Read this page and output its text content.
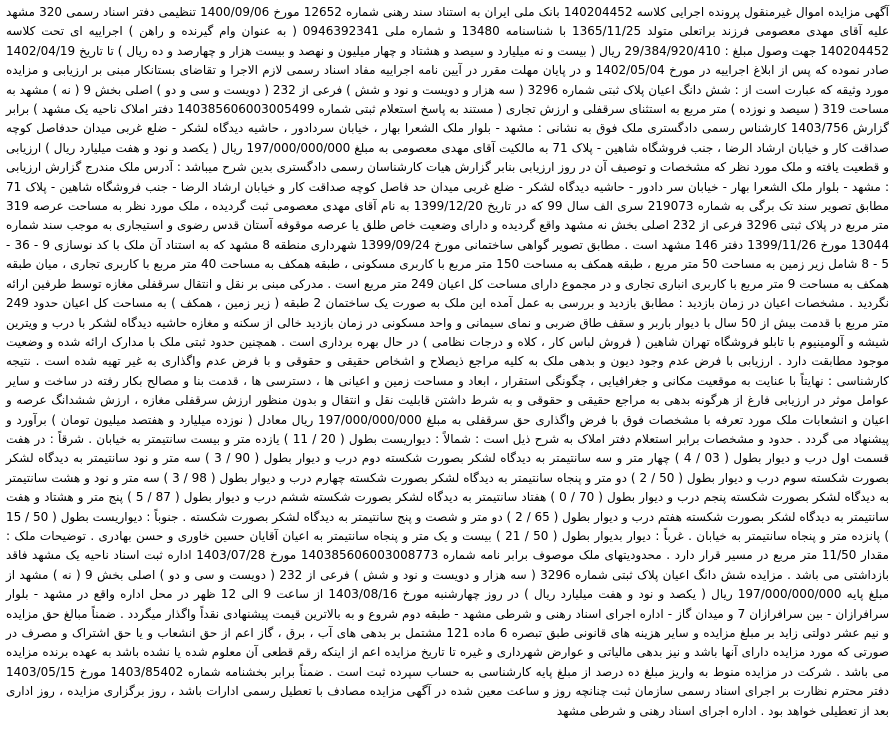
آگهی مزایده اموال غیرمنقول پرونده اجرایی کلاسه 140204452 بانک ملی ایران به استناد سند رهنی شماره 12652 مورخ 1400/09/06 تنظیمی دفتر اسناد رسمی 320 مشهد علیه آقای مهدی معصومی فرزند براتعلی متولد 1365/11/25 با شناسنامه 13480 و شماره ملی 0946392341 ( به عنوان وام گیرنده و راهن ) اجراییه ای تحت کلاسه 140204452 جهت وصول مبلغ : 29/384/920/410 ریال ( بیست و نه میلیارد و سیصد و هشتاد و چهار میلیون و نهصد و بیست هزار و چهارصد و ده ریال ) تا تاریخ 1402/04/19 صادر نموده که پس از ابلاغ اجراییه در مورخ 1402/05/04 و در پایان مهلت مقرر در آیین نامه اجراییه مفاد اسناد رسمی لازم الاجرا و تقاضای بستانکار مبنی بر ارزیابی و مزایده مورد وثیقه که عبارت است از : شش دانگ اعیان پلاک ثبتی شماره 3296 ( سه هزار و دویست و نود و شش ) فرعی از 232 ( دویست و سی و دو ) اصلی بخش 9 ( نه ) مشهد به مساحت 319 ( سیصد و نوزده ) متر مربع به استثنای سرقفلی و ارزش تجاری ( مستند به پاسخ استعلام ثبتی شماره 140385606003005499 دفتر املاک ناحیه یک مشهد ) برابر گزارش 1403/756 کارشناس رسمی دادگستری ملک فوق به نشانی : مشهد - بلوار ملک الشعرا بهار ، خیابان سردادور ، حاشیه دیدگاه لشکر - ضلع غربی میدان حدفاصل کوچه صداقت کار و خیابان ارشاد الرضا ، جنب فروشگاه شاهین - پلاک 71 به مالکیت آقای مهدی معصومی به مبلغ 197/000/000/000 ریال ( یکصد و نود و هفت میلیارد ریال ) ارزیابی و قطعیت یافته و ملک مورد نظر که مشخصات و توصیف آن در روز ارزیابی بنابر گزارش هیات کارشناسان رسمی دادگستری بدین شرح میباشد : آدرس ملک مندرج گزارش ارزیابی : مشهد - بلوار ملک الشعرا بهار - خیابان سر دادور - حاشیه دیدگاه لشکر - ضلع غربی میدان حد فاصل کوچه صداقت کار و خیابان ارشاد الرضا - جنب فروشگاه شاهین - پلاک 71 مطابق تصویر سند تک برگی به شماره 219073 سری الف سال 99 که در تاریخ 1399/12/20 به نام آقای مهدی معصومی ثبت گردیده ، ملک مورد نظر به مساحت عرصه 319 متر مربع در پلاک ثبتی 3296 فرعی از 232 اصلی بخش نه مشهد واقع گردیده و دارای وضعیت خاص طلق یا عرصه موقوفه آستان قدس رضوی و استیجاری به موجب سند شماره 13044 مورخ 1399/11/26 دفتر 146 مشهد است . مطابق تصویر گواهی ساختمانی مورخ 1399/09/24 شهرداری منطقه 8 مشهد که به استناد آن ملک با کد نوسازی 9 - 36 - 5 - 8 شامل زیر زمین به مساحت 50 متر مربع ، طبقه همکف به مساحت 150 متر مربع با کاربری مسکونی ، طبقه همکف به مساحت 40 متر مربع با کاربری تجاری ، میان طبقه همکف به مساحت 9 متر مربع با کاربری انباری تجاری و در مجموع دارای مساحت کل اعیان 249 متر مربع است . مدرکی مبنی بر نقل و انتقال سرقفلی مغازه توسط طرفین ارائه نگردید . مشخصات اعیان در زمان بازدید : مطابق بازدید و بررسی به عمل آمده این ملک به صورت یک ساختمان 2 طبقه ( زیر زمین ، همکف ) به مساحت کل اعیان حدود 249 متر مربع با قدمت بیش از 50 سال با دیوار باربر و سقف طاق ضربی و نمای سیمانی و واحد مسکونی در زمان بازدید خالی از سکنه و مغازه حاشیه دیدگاه لشکر با درب و ویترین شیشه و آلومینیوم با تابلو فروشگاه تهران شاهین ( فروش لباس کار ، کلاه و درجات نظامی ) در حال بهره برداری است . همچنین حدود ثبتی ملک با مدارک ارائه شده و وضعیت موجود مطابقت دارد . ارزیابی با فرض عدم وجود دیون و بدهی ملک به کلیه مراجع ذیصلاح و اشخاص حقیقی و حقوقی و با فرض عدم واگذاری به غیر تهیه شده است . نتیجه کارشناسی : نهایتاً با عنایت به موقعیت مکانی و جغرافیایی ، چگونگی استقرار ، ابعاد و مساحت زمین و اعیانی ها ، دسترسی ها ، قدمت بنا و مصالح بکار رفته در ساخت و سایر عوامل موثر در ارزیابی فارغ از هرگونه بدهی به مراجع حقیقی و حقوقی و به شرط داشتن قابلیت نقل و انتقال و بدون منظور ارزش سرقفلی مغازه ، ارزش ششدانگ عرصه و اعیان و انشعابات ملک مورد تعرفه با مشخصات فوق با فرض واگذاری حق سرقفلی به مبلغ 197/000/000/000 ریال معادل ( نوزده میلیارد و هفتصد میلیون تومان ) برآورد و پیشنهاد می گردد . حدود و مشخصات برابر استعلام دفتر املاک به شرح ذیل است : شمالاً : دیواریست بطول ( 20 / 11 ) یازده متر و بیست سانتیمتر به خیابان . شرقاً : در هفت قسمت اول درب و دیوار بطول ( 03 / 4 ) چهار متر و سه سانتیمتر به دیدگاه لشکر بصورت شکسته دوم درب و دیوار بطول ( 90 / 3 ) سه متر و نود سانتیمتر به دیدگاه لشکر بصورت شکسته سوم درب و دیوار بطول ( 50 / 2 ) دو متر و پنجاه سانتیمتر به دیدگاه لشکر بصورت شکسته چهارم درب و دیوار بطول ( 98 / 3 ) سه متر و نود و هشت سانتیمتر به دیدگاه لشکر بصورت شکسته پنجم درب و دیوار بطول ( 70 / 0 ) هفتاد سانتیمتر به دیدگاه لشکر بصورت شکسته ششم درب و دیوار بطول ( 87 / 5 ) پنج متر و هشتاد و هفت سانتیمتر به دیدگاه لشکر بصورت شکسته هفتم درب و دیوار بطول ( 65 / 2 ) دو متر و شصت و پنج سانتیمتر به دیدگاه لشکر بصورت شکسته . جنوباً : دیواریست بطول ( 50 / 15 ) پانزده متر و پنجاه سانتیمتر به خیابان . غرباً : دیوار بدیوار بطول ( 50 / 21 ) بیست و یک متر و پنجاه سانتیمتر به اعیان آقایان حسین خاوری و حسن بهادری . توضیحات ملک : مقدار 11/50 متر مربع در مسیر قرار دارد . محدودیتهای ملک موصوف برابر نامه شماره 140385606003008773 مورخ 1403/07/28 اداره ثبت اسناد ناحیه یک مشهد فاقد بازداشتی می باشد . مزایده شش دانگ اعیان پلاک ثبتی شماره 3296 ( سه هزار و دویست و نود و شش ) فرعی از 232 ( دویست و سی و دو ) اصلی بخش 9 ( نه ) مشهد از مبلغ پایه 197/000/000/000 ریال ( یکصد و نود و هفت میلیارد ریال ) در روز چهارشنبه مورخ 1403/08/16 از ساعت 9 الی 12 ظهر در محل اداره واقع در مشهد - بلوار سرافرازان - بین سرافرازان 7 و میدان گاز - اداره اجرای اسناد رهنی و شرطی مشهد - طبقه دوم شروع و به بالاترین قیمت پیشنهادی نقداً واگذار میگردد . ضمناً مبالغ حق مزایده و نیم عشر دولتی زاید بر مبلغ مزایده و سایر هزینه های قانونی طبق تبصره 6 ماده 121 مشتمل بر بدهی های آب ، برق ، گاز اعم از حق انشعاب و یا حق اشتراک و مصرف در صورتی که مورد مزایده دارای آنها باشد و نیز بدهی مالیاتی و عوارض شهرداری و غیره تا تاریخ مزایده اعم از اینکه رقم قطعی آن معلوم شده یا نشده باشد به عهده برنده مزایده می باشد . شرکت در مزایده منوط به واریز مبلغ ده درصد از مبلغ پایه کارشناسی به حساب سپرده ثبت است . ضمناً برابر بخشنامه شماره 1403/85402 مورخ 1403/05/15 دفتر محترم نظارت بر اجرای اسناد رسمی سازمان ثبت چنانچه روز و ساعت معین شده در آگهی مزایده مصادف با تعطیل رسمی ادارات باشد ، روز برگزاری مزایده ، روز اداری بعد از تعطیلی خواهد بود . اداره اجرای اسناد رهنی و شرطی مشهد
